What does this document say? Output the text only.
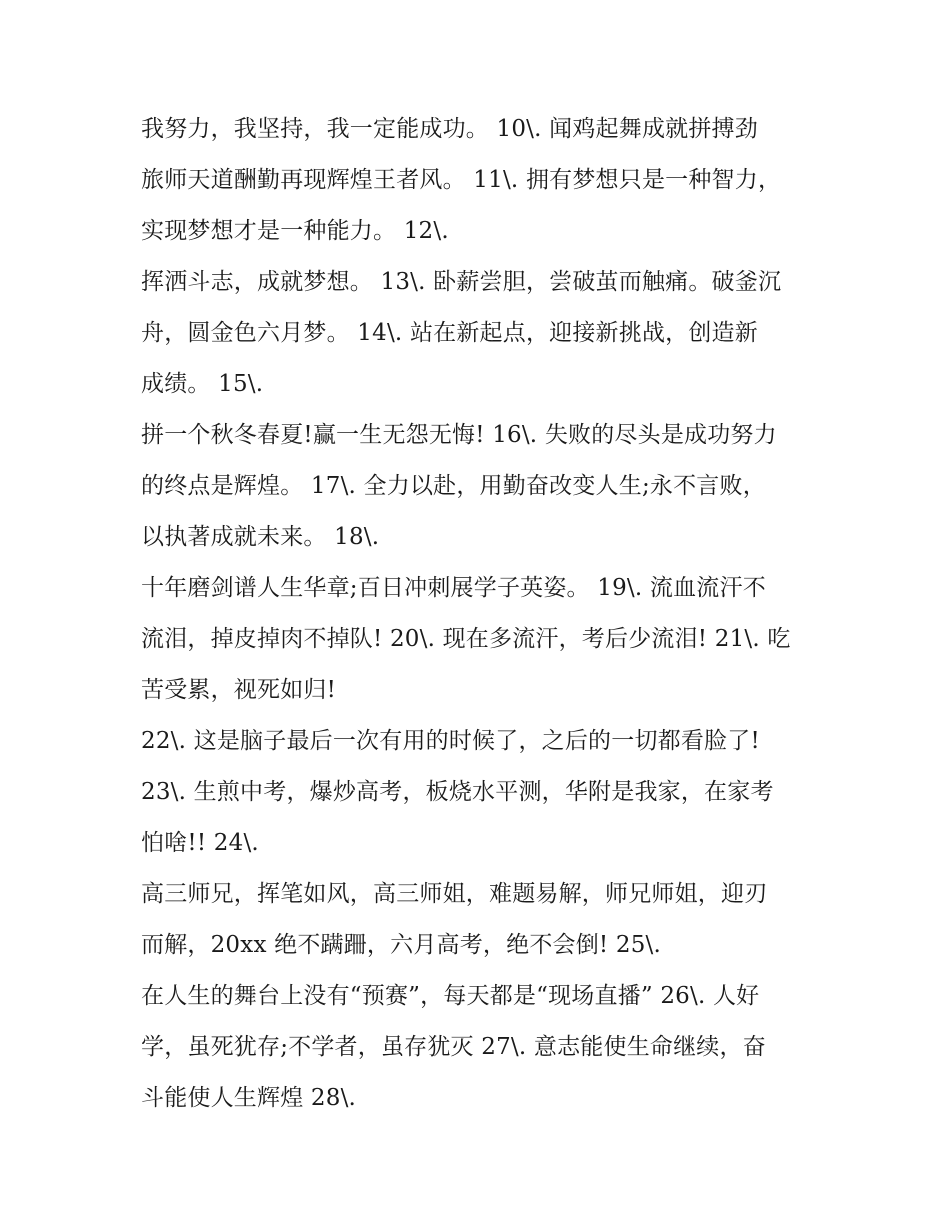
我努力，我坚持，我一定能成功。 10\. 闻鸡起舞成就拼搏劲
旅师天道酬勤再现辉煌王者风。 11\. 拥有梦想只是一种智力，
实现梦想才是一种能力。 12\.
挥洒斗志，成就梦想。 13\. 卧薪尝胆，尝破茧而触痛。破釜沉
舟，圆金色六月梦。 14\. 站在新起点，迎接新挑战，创造新
成绩。 15\.
拼一个秋冬春夏!赢一生无怨无悔! 16\. 失败的尽头是成功努力
的终点是辉煌。 17\. 全力以赴，用勤奋改变人生;永不言败，
以执著成就未来。 18\.
十年磨剑谱人生华章;百日冲刺展学子英姿。 19\. 流血流汗不
流泪，掉皮掉肉不掉队! 20\. 现在多流汗，考后少流泪! 21\. 吃
苦受累，视死如归!
22\. 这是脑子最后一次有用的时候了，之后的一切都看脸了!
23\. 生煎中考，爆炒高考，板烧水平测，华附是我家，在家考
怕啥!! 24\.
高三师兄，挥笔如风，高三师姐，难题易解，师兄师姐，迎刃
而解，20xx 绝不蹒跚，六月高考，绝不会倒! 25\.
在人生的舞台上没有“预赛”，每天都是“现场直播” 26\. 人好
学，虽死犹存;不学者，虽存犹灭 27\. 意志能使生命继续，奋
斗能使人生辉煌 28\.
